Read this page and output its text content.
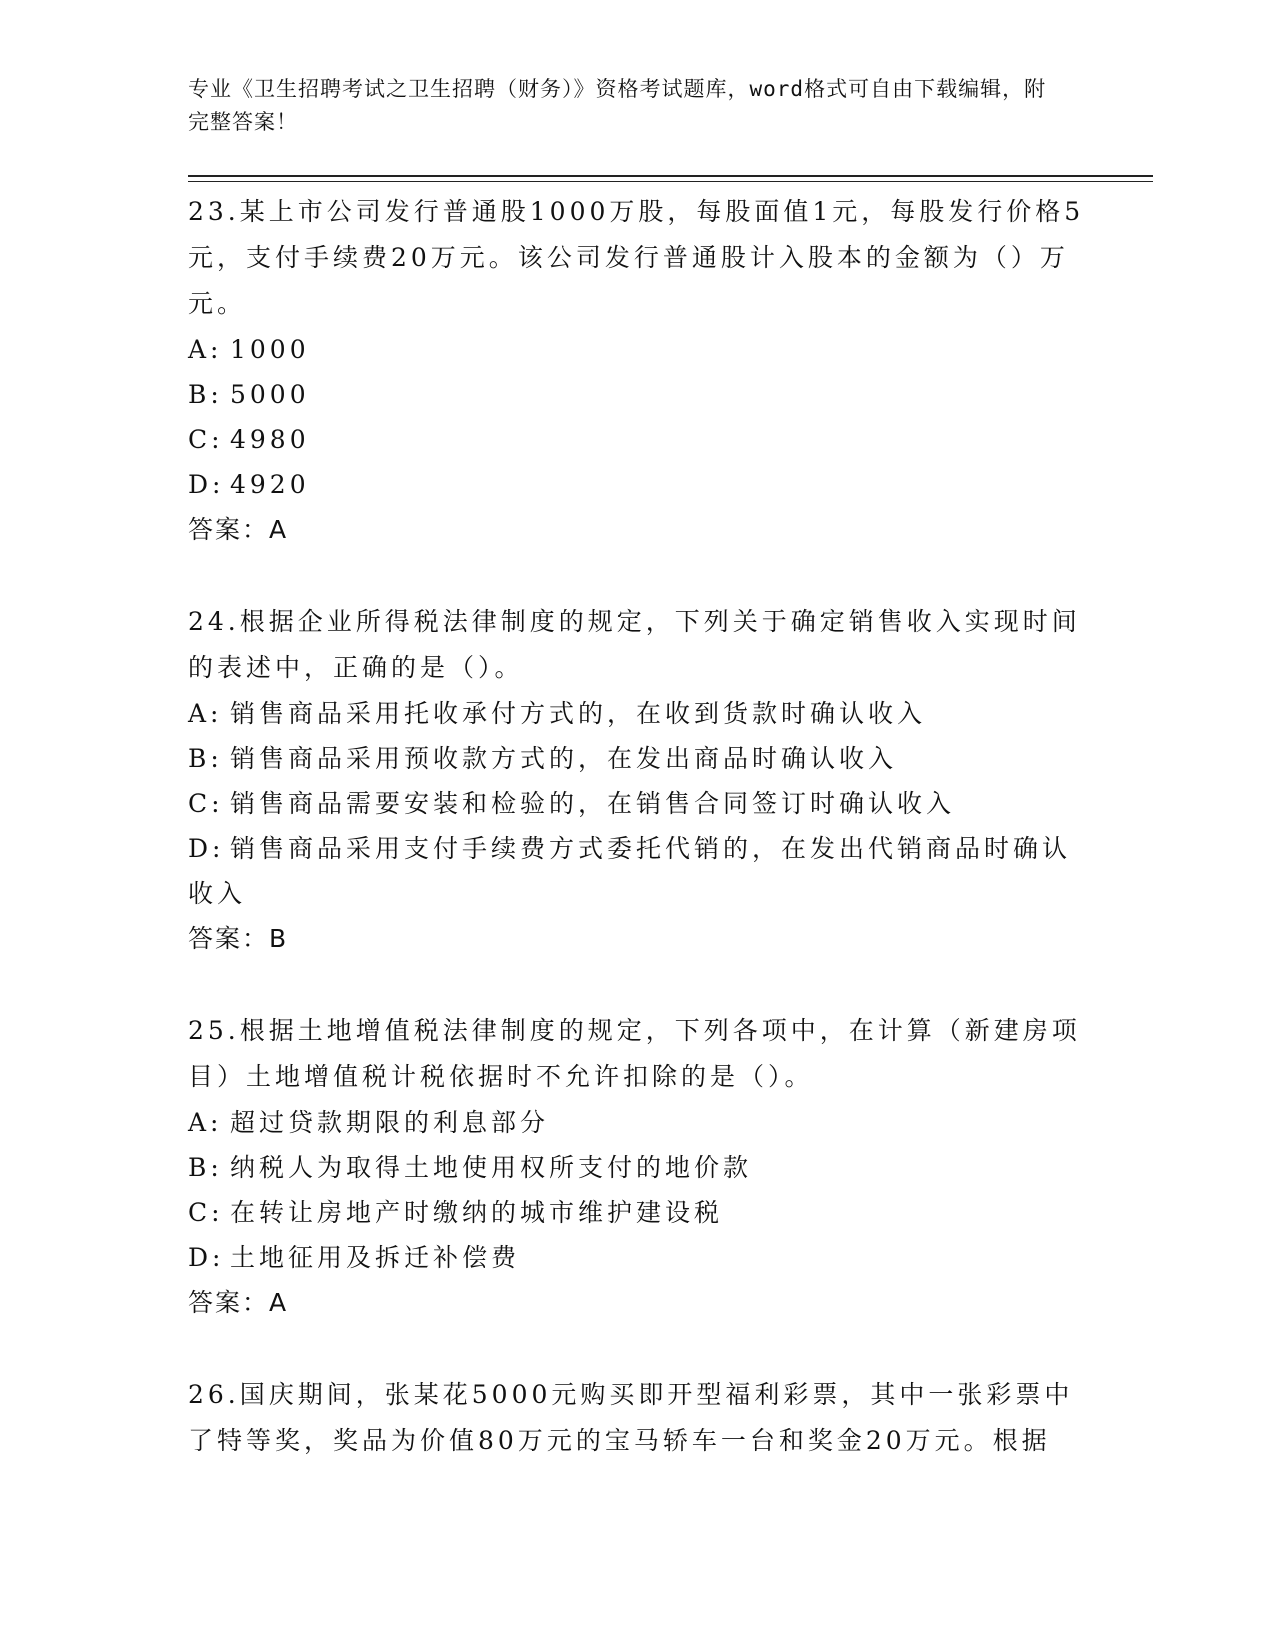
专业《卫生招聘考试之卫生招聘（财务）》资格考试题库，word格式可自由下载编辑，附完整答案！

23.某上市公司发行普通股1000万股，每股面值1元，每股发行价格5元，支付手续费20万元。该公司发行普通股计入股本的金额为（）万元。

A: 1000

B: 5000

C: 4980

D: 4920

答案：A

24.根据企业所得税法律制度的规定，下列关于确定销售收入实现时间的表述中，正确的是（）。

A: 销售商品采用托收承付方式的，在收到货款时确认收入

B: 销售商品采用预收款方式的，在发出商品时确认收入

C: 销售商品需要安装和检验的，在销售合同签订时确认收入

D: 销售商品采用支付手续费方式委托代销的，在发出代销商品时确认收入

答案：B

25.根据土地增值税法律制度的规定，下列各项中，在计算（新建房项目）土地增值税计税依据时不允许扣除的是（）。

A: 超过贷款期限的利息部分

B: 纳税人为取得土地使用权所支付的地价款

C: 在转让房地产时缴纳的城市维护建设税

D: 土地征用及拆迁补偿费

答案：A

26.国庆期间，张某花5000元购买即开型福利彩票，其中一张彩票中了特等奖，奖品为价值80万元的宝马轿车一台和奖金20万元。根据
